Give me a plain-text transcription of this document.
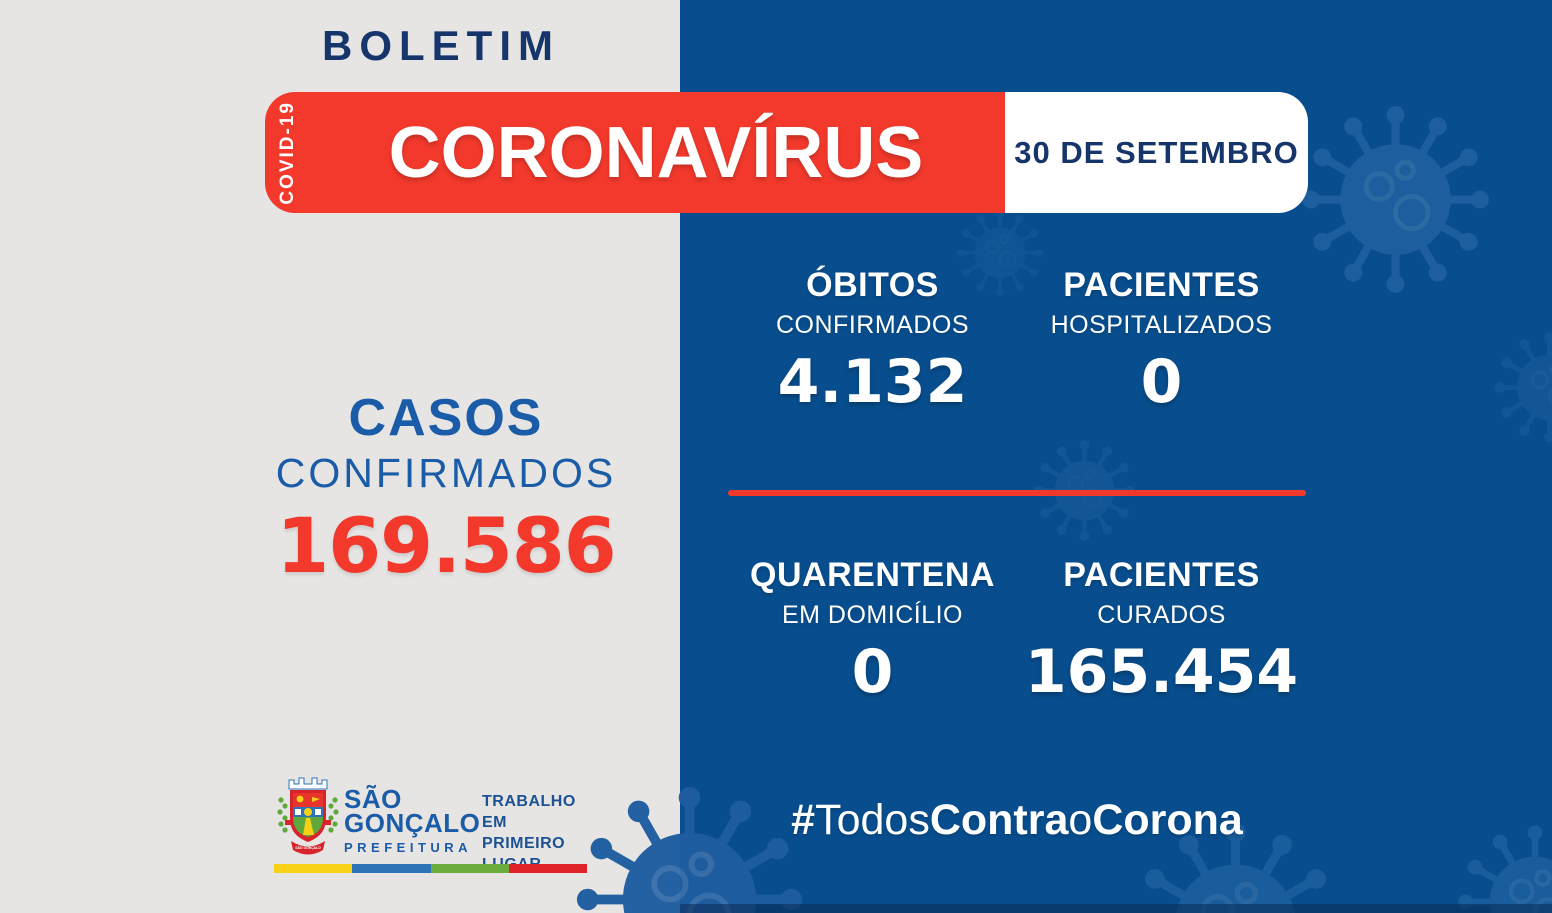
BOLETIM
COVID-19 CORONAVÍRUS	30 DE SETEMBRO
CASOS
CONFIRMADOS
169.586
ÓBITOS
CONFIRMADOS
4.132
PACIENTES
HOSPITALIZADOS
0
QUARENTENA
EM DOMICÍLIO
0
PACIENTES
CURADOS
165.454
#TodosContraoCorona
SÃO GONÇALO
SÃO
GONÇALO
PREFEITURA
TRABALHO
EM PRIMEIRO
